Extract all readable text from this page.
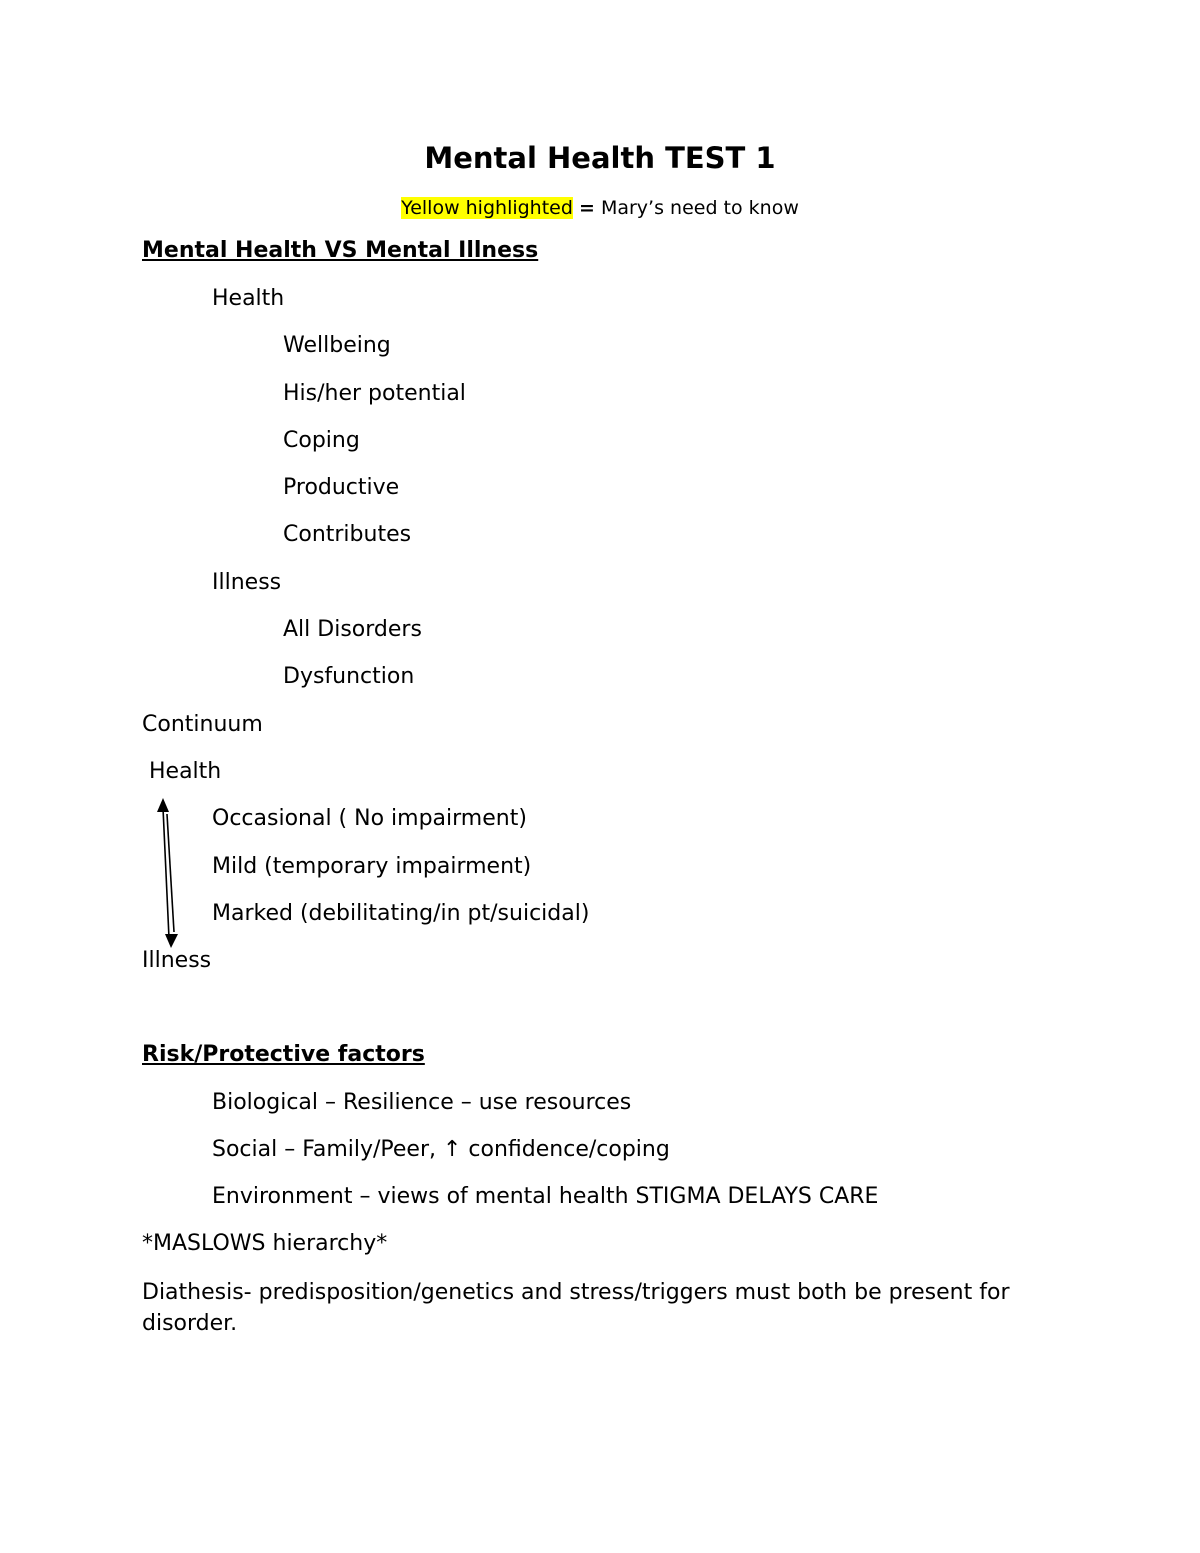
Mental Health TEST 1
Yellow highlighted = Mary’s need to know
Mental Health VS Mental Illness
Health
Wellbeing
His/her potential
Coping
Productive
Contributes
Illness
All Disorders
Dysfunction
Continuum
Health
Occasional ( No impairment)
Mild (temporary impairment)
Marked (debilitating/in pt/suicidal)
Illness
Risk/Protective factors
Biological – Resilience – use resources
Social – Family/Peer, ↑ confidence/coping
Environment – views of mental health STIGMA DELAYS CARE
*MASLOWS hierarchy*
Diathesis- predisposition/genetics and stress/triggers must both be present for disorder.
